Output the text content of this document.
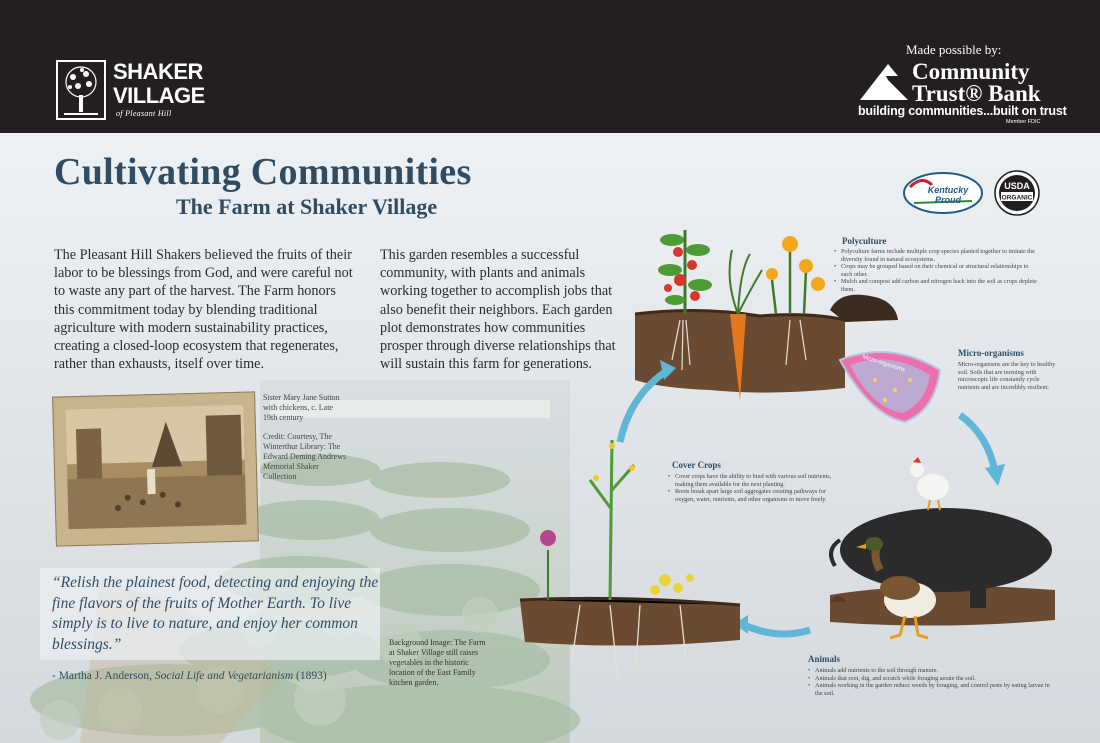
SHAKER
VILLAGE
of Pleasant Hill
Made possible by:
Community
Trust® Bank
building communities...built on trust
Member FDIC
Cultivating Communities
The Farm at Shaker Village
The Pleasant Hill Shakers believed the fruits of their labor to be blessings from God, and were careful not to waste any part of the harvest. The Farm honors this commitment today by blending traditional agriculture with modern sustainability practices, creating a closed-loop ecosystem that regenerates, rather than exhausts, itself over time.
This garden resembles a successful community, with plants and animals working together to accomplish jobs that also benefit their neighbors. Each garden plot demonstrates how communities prosper through diverse relationships that will sustain this farm for generations.
Sister Mary Jane Sutton with chickens, c. Late 19th century
Credit: Courtesy, The Winterthur Library: The Edward Deming Andrews Memorial Shaker Collection
“Relish the plainest food, detecting and enjoying the fine flavors of the fruits of Mother Earth. To live simply is to live to nature, and enjoy her common blessings.”
- Martha J. Anderson, Social Life and Vegetarianism (1893)
Background Image: The Farm at Shaker Village still raises vegetables in the historic location of the East Family kitchen garden.
Kentucky
Proud
USDA
ORGANIC
Micro-organisms
Polyculture
• Polyculture farms include multiple crop species planted together to imitate the diversity found in natural ecosystems.
• Crops may be grouped based on their chemical or structural relationships to each other.
• Mulch and compost add carbon and nitrogen back into the soil as crops deplete them.
Micro-organisms
Micro-organisms are the key to healthy soil. Soils that are teeming with microscopic life constantly cycle nutrients and are incredibly resilient.
Cover Crops
• Cover crops have the ability to bind with various soil nutrients, making them available for the next planting.
• Roots break apart large soil aggregates creating pathways for oxygen, water, nutrients, and other organisms to move freely.
Animals
• Animals add nutrients to the soil through manure.
• Animals that root, dig, and scratch while foraging aerate the soil.
• Animals working in the garden reduce weeds by foraging, and control pests by eating larvae in the soil.
